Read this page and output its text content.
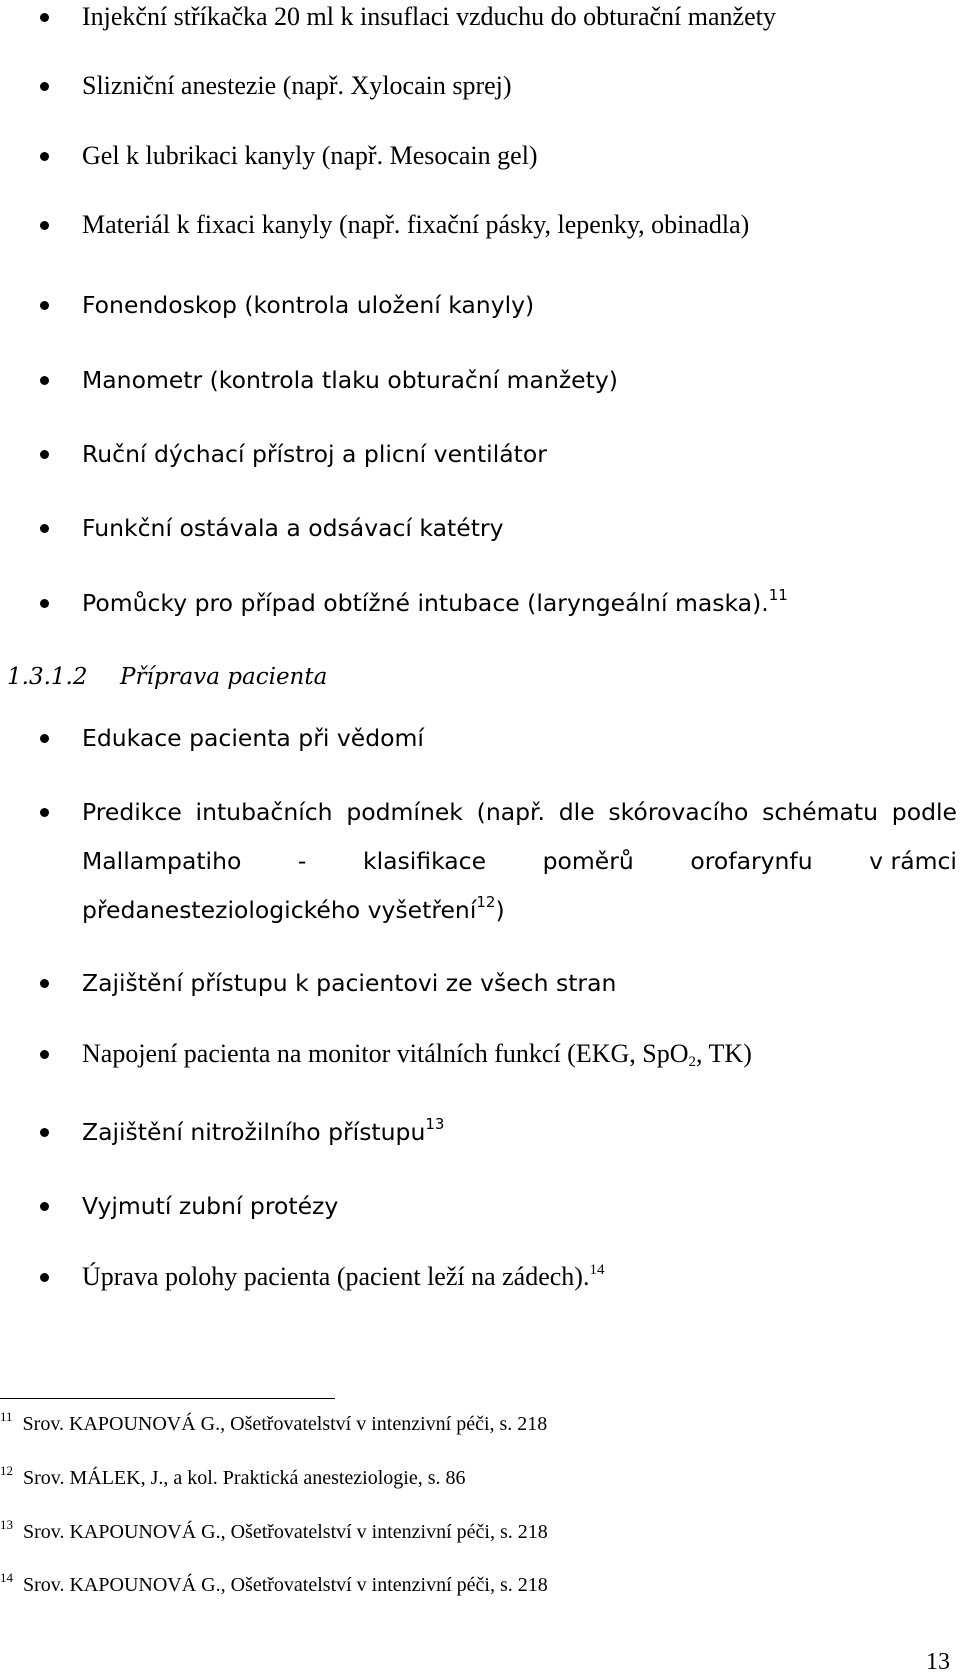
Injekční stříkačka 20 ml k insuflaci vzduchu do obturační manžety
Slizniční anestezie (např. Xylocain sprej)
Gel k lubrikaci kanyly (např. Mesocain gel)
Materiál k fixaci kanyly (např. fixační pásky, lepenky, obinadla)
Fonendoskop (kontrola uložení kanyly)
Manometr (kontrola tlaku obturační manžety)
Ruční dýchací přístroj a plicní ventilátor
Funkční ostávala a odsávací katétry
Pomůcky pro případ obtížné intubace (laryngeální maska).$^{11}$
1.3.1.2 Příprava pacienta
Edukace pacienta při vědomí
Predikce intubačních podmínek (např. dle skórovacího schématu podle
Mallampatiho - klasifikace poměrů orofarynfu v rámci
předanesteziologického vyšetření$^{12}$)
Zajištění přístupu k pacientovi ze všech stran
Napojení pacienta na monitor vitálních funkcí (EKG, SpO$_2$, TK)
Zajištění nitrožilního přístupu$^{13}$
Vyjmutí zubní protézy
Úprava polohy pacienta (pacient leží na zádech).$^{14}$
$^{11}$ Srov. KAPOUNOVÁ G., Ošetřovatelství v intenzivní péči, s. 218
$^{12}$ Srov. MÁLEK, J., a kol. Praktická anesteziologie, s. 86
$^{13}$ Srov. KAPOUNOVÁ G., Ošetřovatelství v intenzivní péči, s. 218
$^{14}$ Srov. KAPOUNOVÁ G., Ošetřovatelství v intenzivní péči, s. 218
13
